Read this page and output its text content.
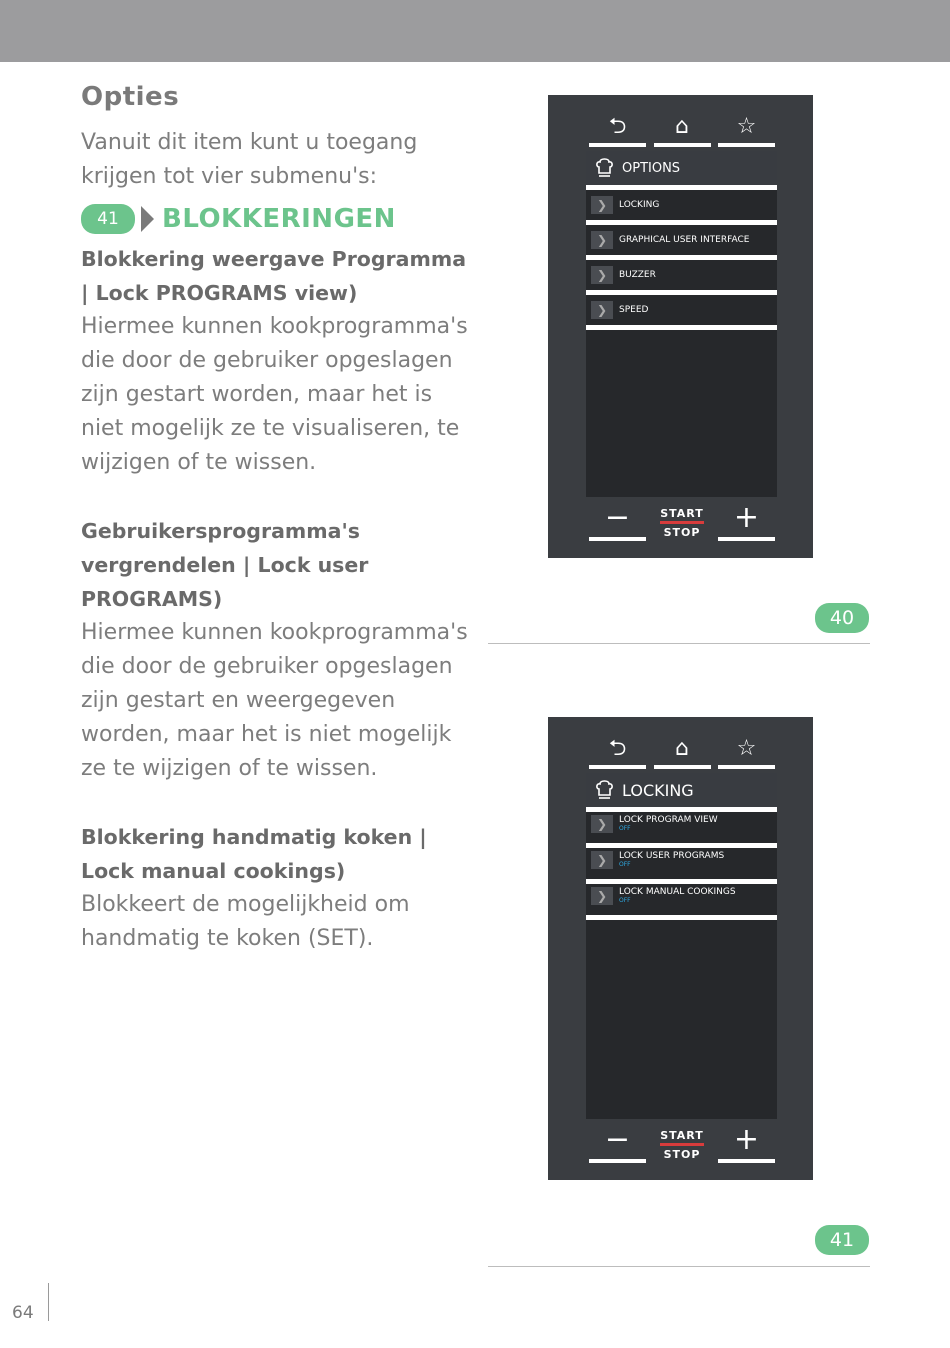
Opties
Vanuit dit item kunt u toegang krijgen tot vier submenu's:
41	BLOKKERINGEN
Blokkering weergave Programma | Lock PROGRAMS view)
Hiermee kunnen kookprogramma's die door de gebruiker opgeslagen zijn gestart worden, maar het is niet mogelijk ze te visualiseren, te wijzigen of te wissen.
Gebruikersprogramma's vergrendelen | Lock user PROGRAMS)
Hiermee kunnen kookprogramma's die door de gebruiker opgeslagen zijn gestart en weergegeven worden, maar het is niet mogelijk ze te wijzigen of te wissen.
Blokkering handmatig koken | Lock manual cookings)
Blokkeert de mogelijkheid om handmatig te koken (SET).
⮌	⌂	☆
OPTIONS
❯	LOCKING
❯	GRAPHICAL USER INTERFACE
❯	BUZZER
❯	SPEED
−	START
STOP	+
40
⮌	⌂	☆
LOCKING
❯	LOCK PROGRAM VIEW
OFF
❯	LOCK USER PROGRAMS
OFF
❯	LOCK MANUAL COOKINGS
OFF
−	START
STOP	+
41
64
